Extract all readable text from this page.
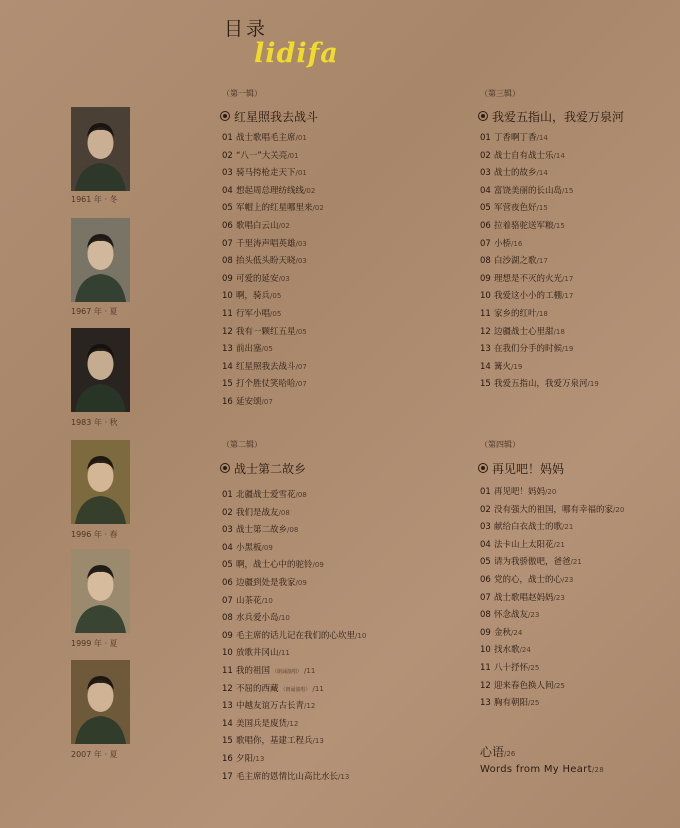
目录
lidifa
1961 年 · 冬
1967 年 · 夏
1983 年 · 秋
1996 年 · 春
1999 年 · 夏
2007 年 · 夏
（第一辑）
红星照我去战斗
01 战士歌唱毛主席/01
02 “八一”大关亮/01
03 骑马挎枪走天下/01
04 想起周总理纺线线/02
05 军帽上的红星哪里来/02
06 歌唱白云山/02
07 千里涛声唱英雄/03
08 抬头低头盼天晓/03
09 可爱的延安/03
10 啊，骑兵/05
11 行军小唱/05
12 我有一颗红五星/05
13 前出塞/05
14 红星照我去战斗/07
15 打个胜仗笑哈哈/07
16 延安颂/07
（第二辑）
战士第二故乡
01 北疆战士爱雪花/08
02 我们是战友/08
03 战士第二故乡/08
04 小黑板/09
05 啊，战士心中的驼铃/09
06 边疆到处是我家/09
07 山茶花/10
08 水兵爱小岛/10
09 毛主席的话儿记在我们的心坎里/10
10 放歌井冈山/11
11 我的祖国 （朗诵演唱） /11
12 不屈的西藏 （朗诵演唱） /11
13 中越友谊万古长青/12
14 美国兵是废货/12
15 歌唱你，基建工程兵/13
16 夕阳/13
17 毛主席的恩情比山高比水长/13
（第三辑）
我爱五指山，我爱万泉河
01 丁香啊丁香/14
02 战士自有战士乐/14
03 战士的故乡/14
04 富饶美丽的长山岛/15
05 军营夜色好/15
06 拉着骆驼送军粮/15
07 小桥/16
08 白沙湖之歌/17
09 理想是不灭的火光/17
10 我爱这小小的工棚/17
11 家乡的红叶/18
12 边疆战士心里甜/18
13 在我们分手的时候/19
14 篝火/19
15 我爱五指山，我爱万泉河/19
（第四辑）
再见吧！妈妈
01 再见吧！妈妈/20
02 没有强大的祖国，哪有幸福的家/20
03 献给白衣战士的歌/21
04 法卡山上太阳花/21
05 请为我骄傲吧，爸爸/21
06 党的心，战士的心/23
07 战士歌唱赵妈妈/23
08 怀念战友/23
09 金秋/24
10 找水歌/24
11 八十抒怀/25
12 迎来春色换人间/25
13 胸有朝阳/25
心语/26
Words from My Heart/28
